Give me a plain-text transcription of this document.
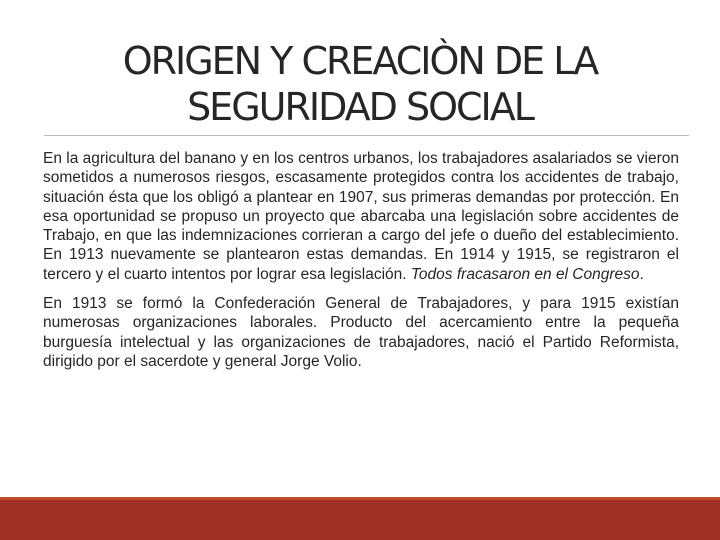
ORIGEN Y CREACIÒN DE LA
SEGURIDAD SOCIAL

En la agricultura del banano y en los centros urbanos, los trabajadores asalariados se vieron sometidos a numerosos riesgos, escasamente protegidos contra los accidentes de trabajo, situación ésta que los obligó a plantear en 1907, sus primeras demandas por protección. En esa oportunidad se propuso un proyecto que abarcaba una legislación sobre accidentes de Trabajo, en que las indemnizaciones corrieran a cargo del jefe o dueño del establecimiento. En 1913 nuevamente se plantearon estas demandas. En 1914 y 1915, se registraron el tercero y el cuarto intentos por lograr esa legislación. Todos fracasaron en el Congreso.

En 1913 se formó la Confederación General de Trabajadores, y para 1915 existían numerosas organizaciones laborales. Producto del acercamiento entre la pequeña burguesía intelectual y las organizaciones de trabajadores, nació el Partido Reformista, dirigido por el sacerdote y general Jorge Volio.
